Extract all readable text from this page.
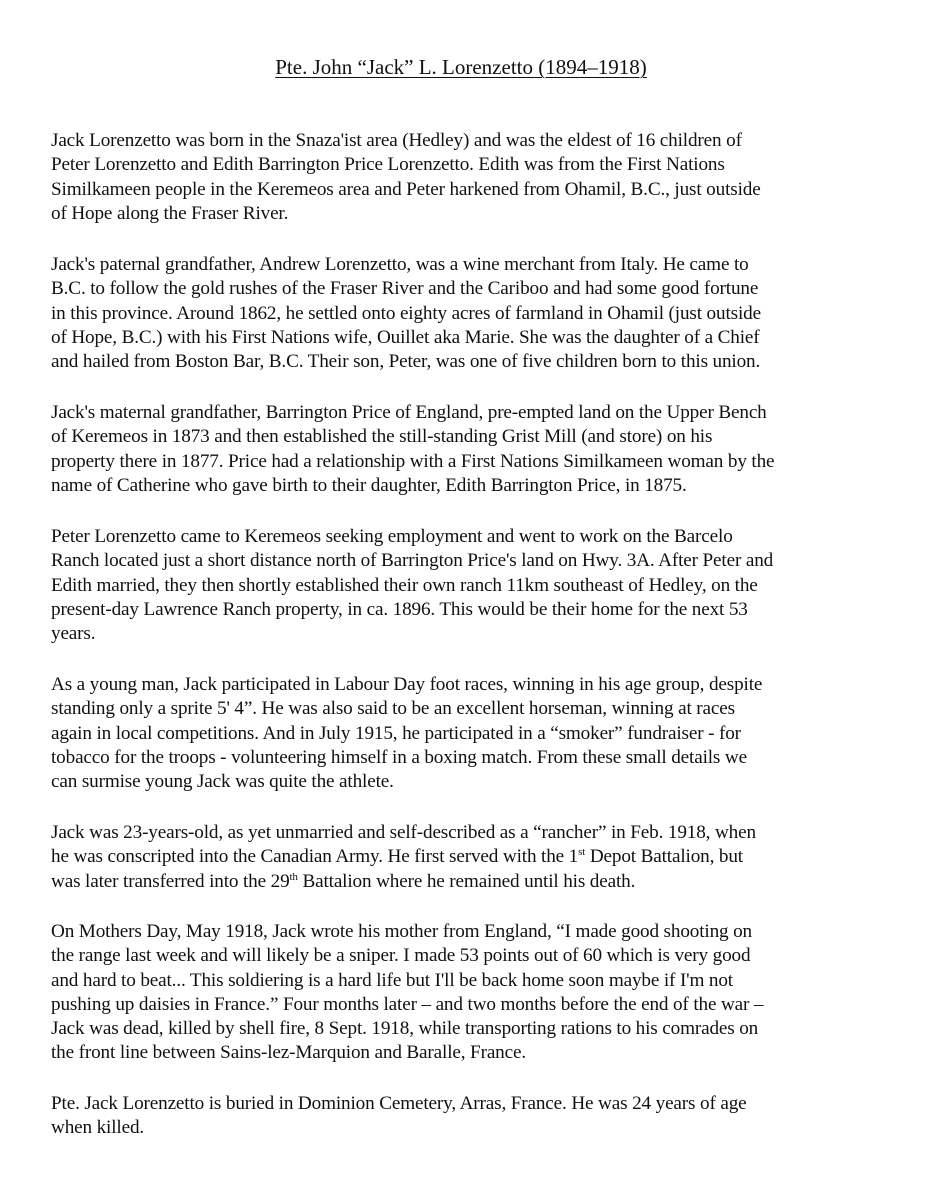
Pte. John “Jack” L. Lorenzetto (1894–1918)

Jack Lorenzetto was born in the Snaza'ist area (Hedley) and was the eldest of 16 children of
Peter Lorenzetto and Edith Barrington Price Lorenzetto. Edith was from the First Nations
Similkameen people in the Keremeos area and Peter harkened from Ohamil, B.C., just outside
of Hope along the Fraser River.

Jack's paternal grandfather, Andrew Lorenzetto, was a wine merchant from Italy. He came to
B.C. to follow the gold rushes of the Fraser River and the Cariboo and had some good fortune
in this province. Around 1862, he settled onto eighty acres of farmland in Ohamil (just outside
of Hope, B.C.) with his First Nations wife, Ouillet aka Marie. She was the daughter of a Chief
and hailed from Boston Bar, B.C. Their son, Peter, was one of five children born to this union.

Jack's maternal grandfather, Barrington Price of England, pre-empted land on the Upper Bench
of Keremeos in 1873 and then established the still-standing Grist Mill (and store) on his
property there in 1877. Price had a relationship with a First Nations Similkameen woman by the
name of Catherine who gave birth to their daughter, Edith Barrington Price, in 1875.

Peter Lorenzetto came to Keremeos seeking employment and went to work on the Barcelo
Ranch located just a short distance north of Barrington Price's land on Hwy. 3A. After Peter and
Edith married, they then shortly established their own ranch 11km southeast of Hedley, on the
present-day Lawrence Ranch property, in ca. 1896. This would be their home for the next 53
years.

As a young man, Jack participated in Labour Day foot races, winning in his age group, despite
standing only a sprite 5' 4”. He was also said to be an excellent horseman, winning at races
again in local competitions. And in July 1915, he participated in a “smoker” fundraiser - for
tobacco for the troops - volunteering himself in a boxing match. From these small details we
can surmise young Jack was quite the athlete.

Jack was 23-years-old, as yet unmarried and self-described as a “rancher” in Feb. 1918, when
he was conscripted into the Canadian Army. He first served with the 1st Depot Battalion, but
was later transferred into the 29th Battalion where he remained until his death.

On Mothers Day, May 1918, Jack wrote his mother from England, “I made good shooting on
the range last week and will likely be a sniper. I made 53 points out of 60 which is very good
and hard to beat... This soldiering is a hard life but I'll be back home soon maybe if I'm not
pushing up daisies in France.” Four months later – and two months before the end of the war –
Jack was dead, killed by shell fire, 8 Sept. 1918, while transporting rations to his comrades on
the front line between Sains-lez-Marquion and Baralle, France.

Pte. Jack Lorenzetto is buried in Dominion Cemetery, Arras, France. He was 24 years of age
when killed.
